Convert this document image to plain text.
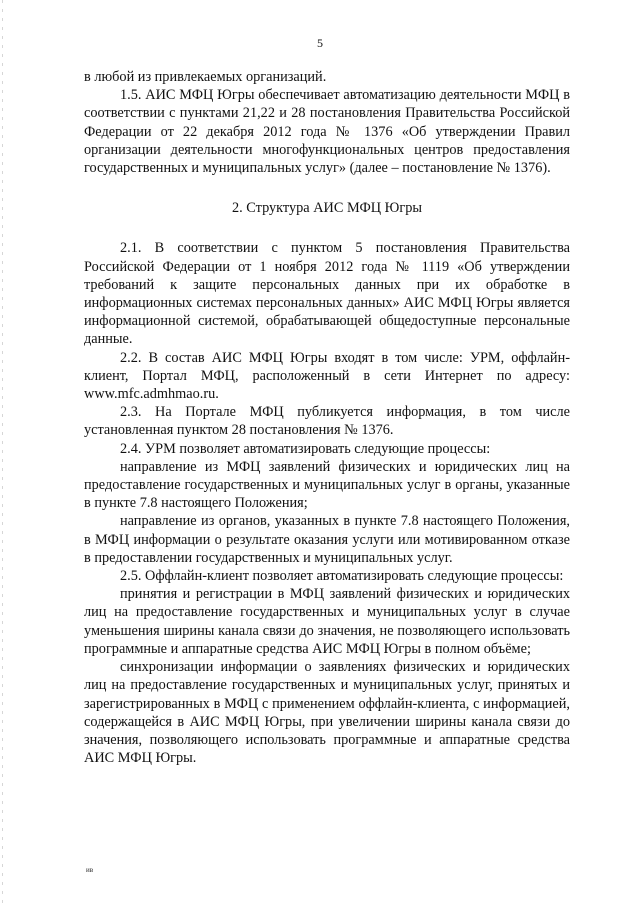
5

в любой из привлекаемых организаций.

1.5. АИС МФЦ Югры обеспечивает автоматизацию деятельности МФЦ в соответствии с пунктами 21,22 и 28 постановления Правительства Российской Федерации от 22 декабря 2012 года № 1376 «Об утверждении Правил организации деятельности многофункциональных центров предоставления государственных и муниципальных услуг» (далее – постановление № 1376).

2. Структура АИС МФЦ Югры

2.1. В соответствии с пунктом 5 постановления Правительства Российской Федерации от 1 ноября 2012 года № 1119 «Об утверждении требований к защите персональных данных при их обработке в информационных системах персональных данных» АИС МФЦ Югры является информационной системой, обрабатывающей общедоступные персональные данные.

2.2. В состав АИС МФЦ Югры входят в том числе: УРМ, оффлайн-клиент, Портал МФЦ, расположенный в сети Интернет по адресу: www.mfc.admhmao.ru.

2.3. На Портале МФЦ публикуется информация, в том числе установленная пунктом 28 постановления № 1376.

2.4. УРМ позволяет автоматизировать следующие процессы:

направление из МФЦ заявлений физических и юридических лиц на предоставление государственных и муниципальных услуг в органы, указанные в пункте 7.8 настоящего Положения;

направление из органов, указанных в пункте 7.8 настоящего Положения, в МФЦ информации о результате оказания услуги или мотивированном отказе в предоставлении государственных и муниципальных услуг.

2.5. Оффлайн-клиент позволяет автоматизировать следующие процессы:

принятия и регистрации в МФЦ заявлений физических и юридических лиц на предоставление государственных и муниципальных услуг в случае уменьшения ширины канала связи до значения, не позволяющего использовать программные и аппаратные средства АИС МФЦ Югры в полном объёме;

синхронизации информации о заявлениях физических и юридических лиц на предоставление государственных и муниципальных услуг, принятых и зарегистрированных в МФЦ с применением оффлайн-клиента, с информацией, содержащейся в АИС МФЦ Югры, при увеличении ширины канала связи до значения, позволяющего использовать программные и аппаратные средства АИС МФЦ Югры.

ив
